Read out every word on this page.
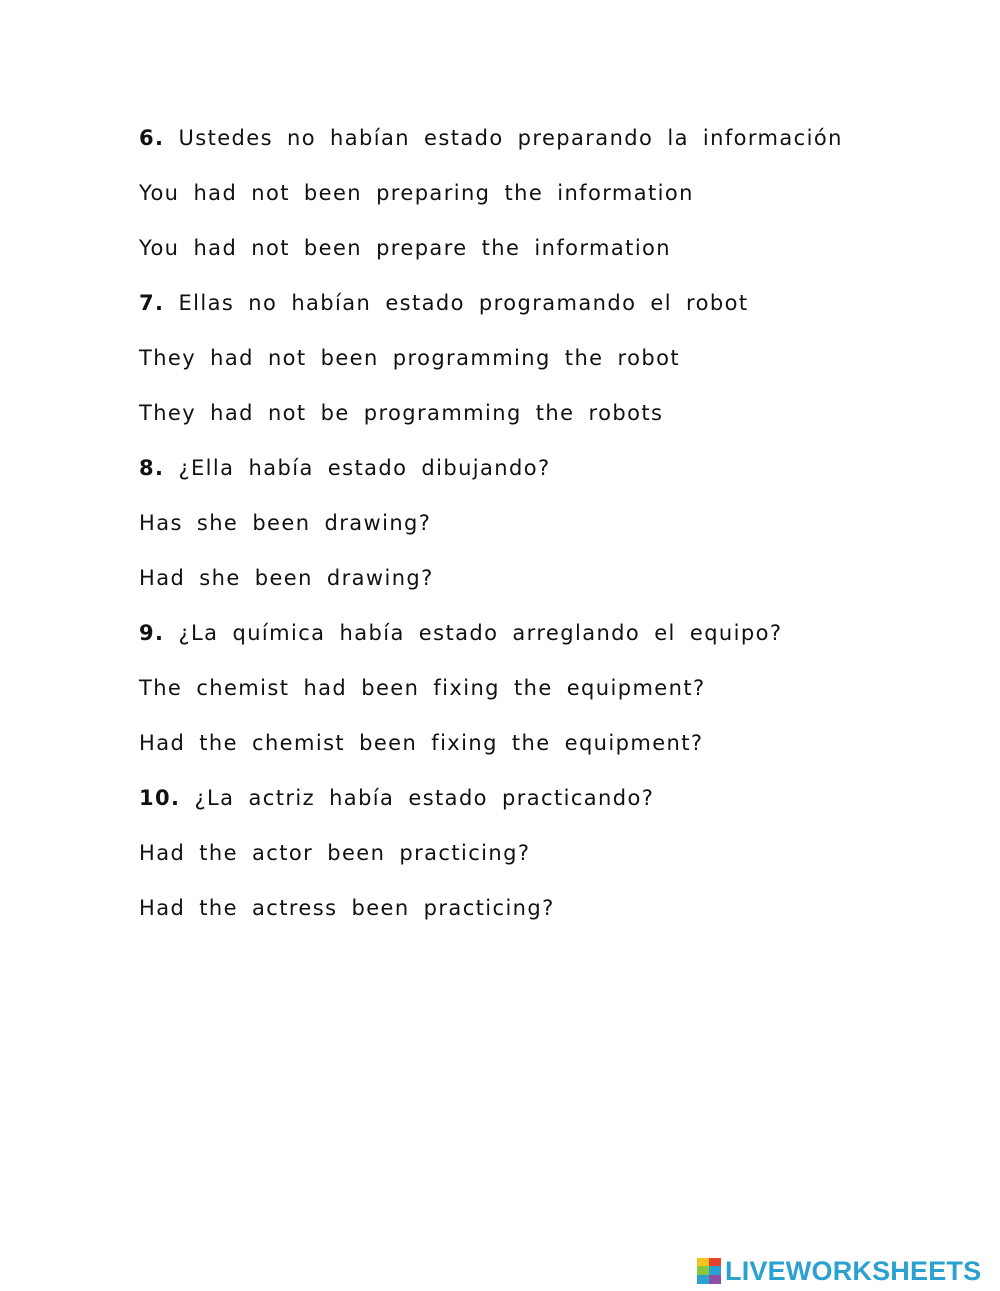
6. Ustedes no habían estado preparando la información
You had not been preparing the information
You had not been prepare the information
7. Ellas no habían estado programando el robot
They had not been programming the robot
They had not be programming the robots
8. ¿Ella había estado dibujando?
Has she been drawing?
Had she been drawing?
9. ¿La química había estado arreglando el equipo?
The chemist had been fixing the equipment?
Had the chemist been fixing the equipment?
10. ¿La actriz había estado practicando?
Had the actor been practicing?
Had the actress been practicing?
LIVEWORKSHEETS
